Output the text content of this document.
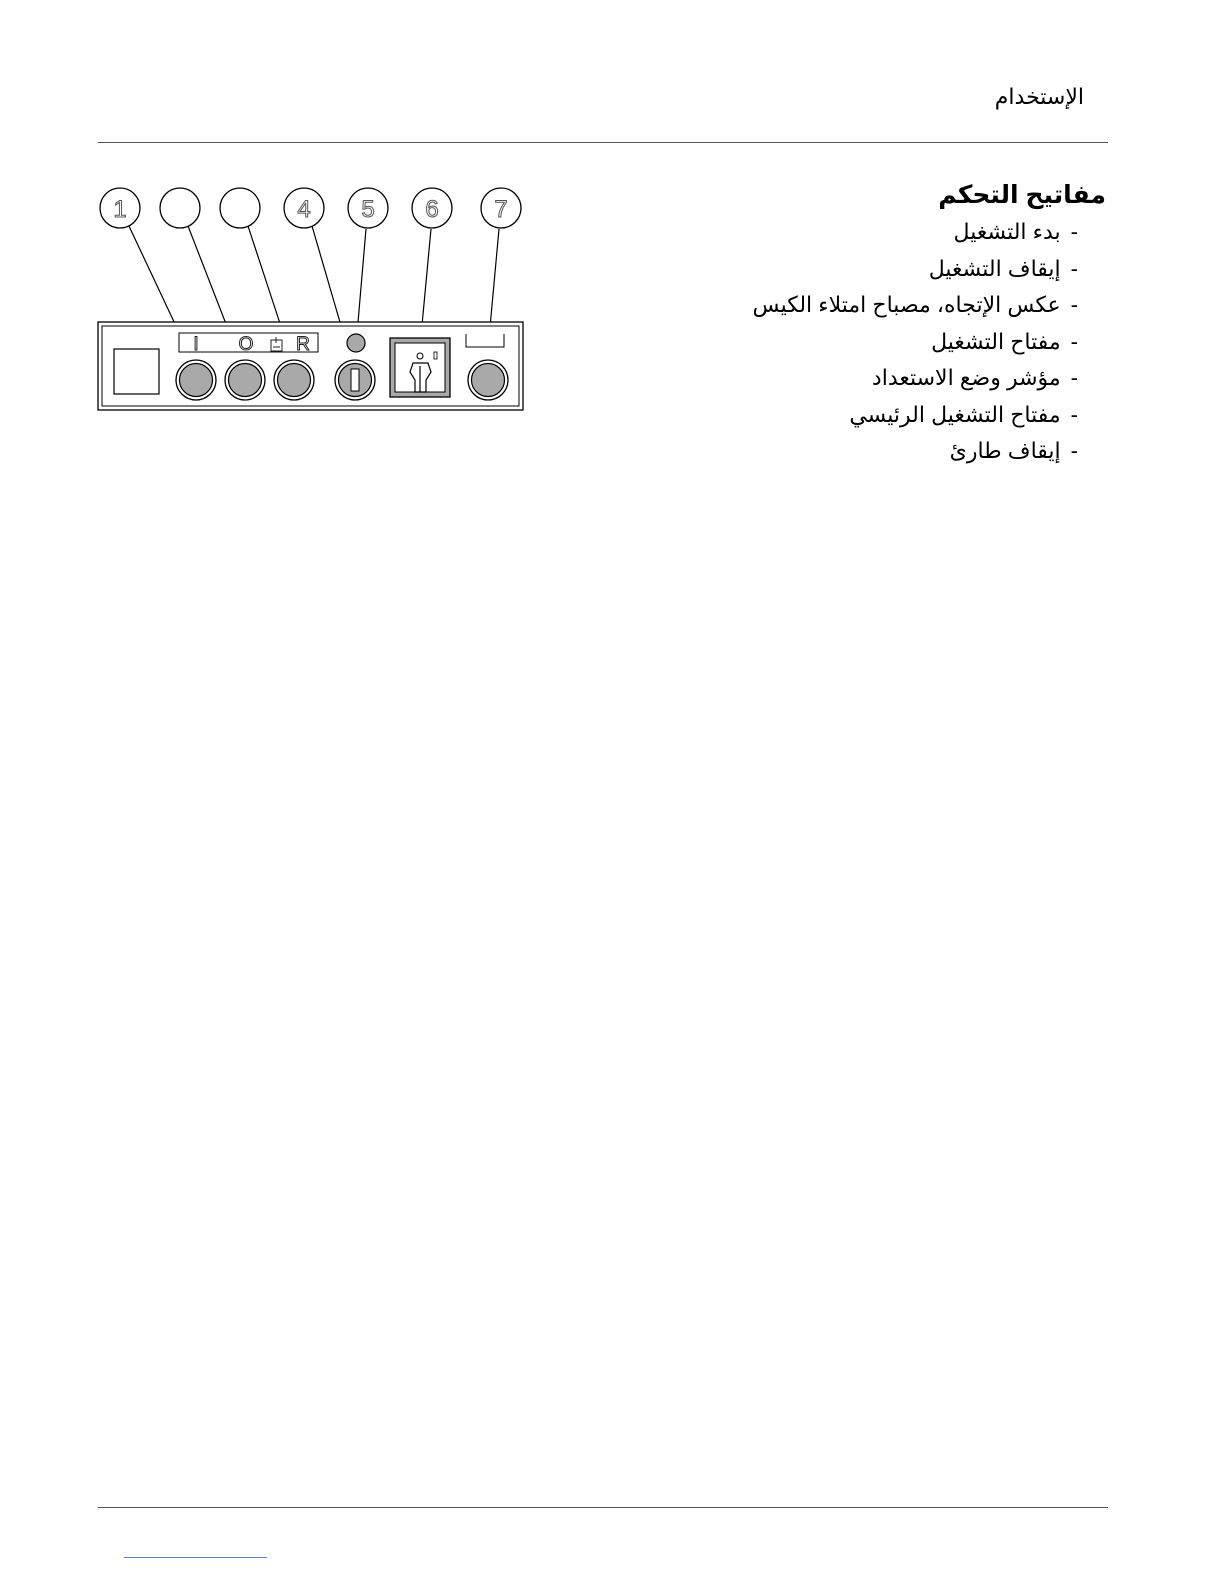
الإستخدام
مفاتيح التحكم
-بدء التشغيل
-إيقاف التشغيل
-عكس الإتجاه، مصباح امتلاء الكيس
-مفتاح التشغيل
-مؤشر وضع الاستعداد
-مفتاح التشغيل الرئيسي
-إيقاف طارئ
1	4 5 6 7
I O R
